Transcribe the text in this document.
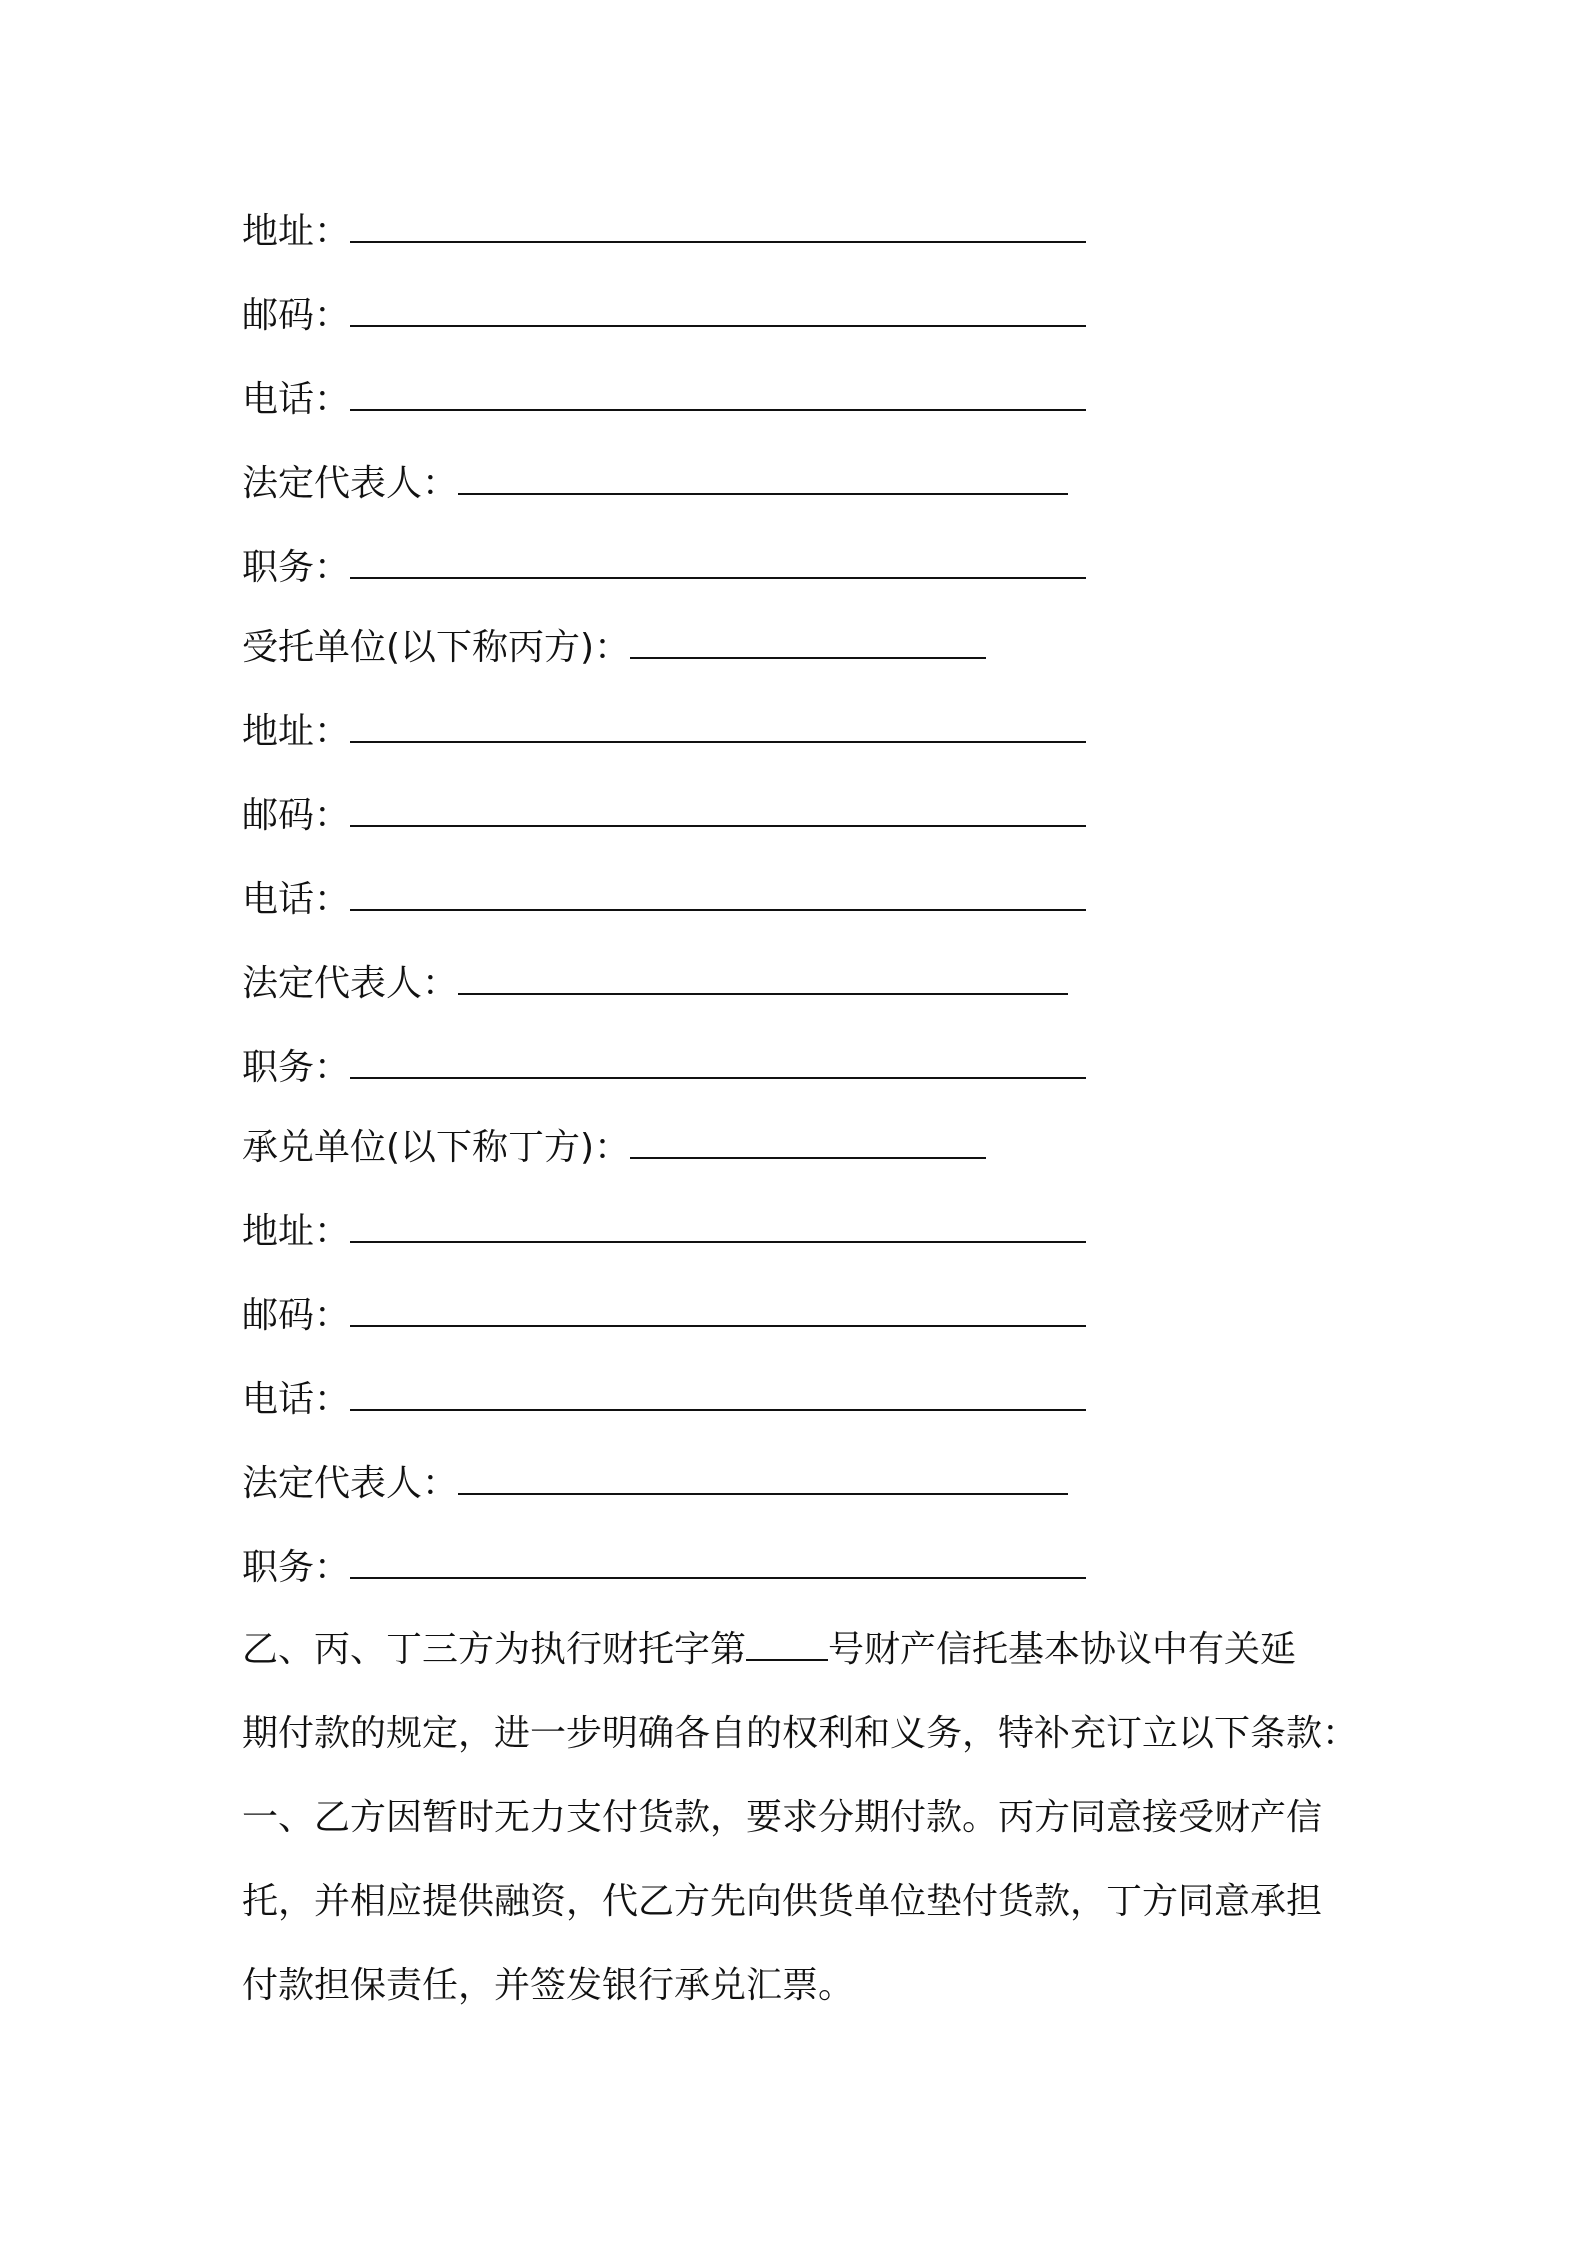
地址：
邮码：
电话：
法定代表人：
职务：
受托单位(以下称丙方)：
地址：
邮码：
电话：
法定代表人：
职务：
承兑单位(以下称丁方)：
地址：
邮码：
电话：
法定代表人：
职务：
乙、丙、丁三方为执行财托字第 号财产信托基本协议中有关延
期付款的规定，进一步明确各自的权利和义务，特补充订立以下条款：
一、乙方因暂时无力支付货款，要求分期付款。丙方同意接受财产信
托，并相应提供融资，代乙方先向供货单位垫付货款，丁方同意承担
付款担保责任，并签发银行承兑汇票。
